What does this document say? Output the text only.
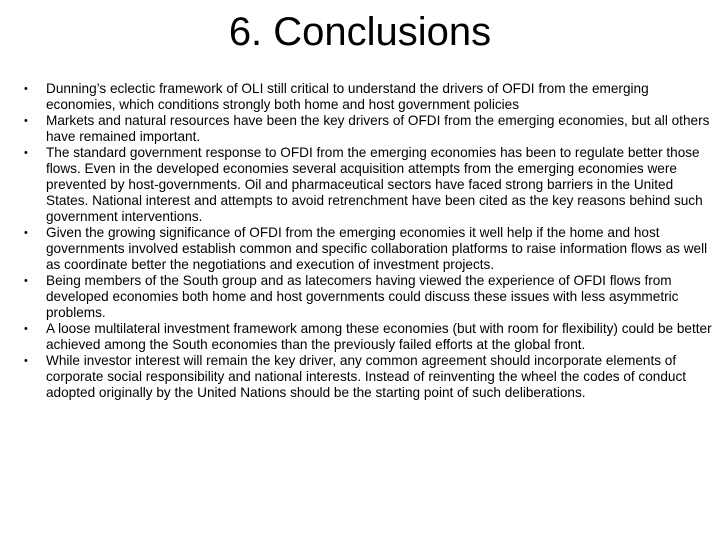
6. Conclusions
•	Dunning’s eclectic framework of OLI still critical to understand the drivers of OFDI from the emerging economies, which conditions strongly both home and host government policies
•	Markets and natural resources have been the key drivers of OFDI from the emerging economies, but all others have remained important.
•	The standard government response to OFDI from the emerging economies has been to regulate better those flows. Even in the developed economies several acquisition attempts from the emerging economies were prevented by host-governments. Oil and pharmaceutical sectors have faced strong barriers in the United States. National interest and attempts to avoid retrenchment have been cited as the key reasons behind such government interventions.
•	Given the growing significance of OFDI from the emerging economies it well help if the home and host governments involved establish common and specific collaboration platforms to raise information flows as well as coordinate better the negotiations and execution of investment projects.
•	Being members of the South group and as latecomers having viewed the experience of OFDI flows from developed economies both home and host governments could discuss these issues with less asymmetric problems.
•	A loose multilateral investment framework among these economies (but with room for flexibility) could be better achieved among the South economies than the previously failed efforts at the global front.
•	While investor interest will remain the key driver, any common agreement should incorporate elements of corporate social responsibility and national interests. Instead of reinventing the wheel the codes of conduct adopted originally by the United Nations should be the starting point of such deliberations.
